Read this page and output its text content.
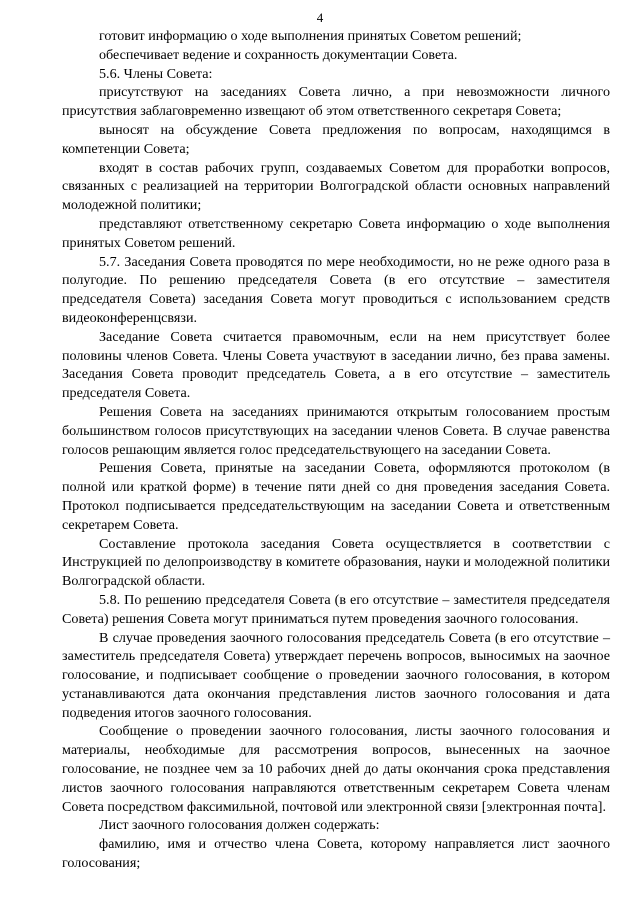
4

готовит информацию о ходе выполнения принятых Советом решений;

обеспечивает ведение и сохранность документации Совета.

5.6. Члены Совета:

присутствуют на заседаниях Совета лично, а при невозможности личного присутствия заблаговременно извещают об этом ответственного секретаря Совета;

выносят на обсуждение Совета предложения по вопросам, находящимся в компетенции Совета;

входят в состав рабочих групп, создаваемых Советом для проработки вопросов, связанных с реализацией на территории Волгоградской области основных направлений молодежной политики;

представляют ответственному секретарю Совета информацию о ходе выполнения принятых Советом решений.

5.7. Заседания Совета проводятся по мере необходимости, но не реже одного раза в полугодие. По решению председателя Совета (в его отсутствие – заместителя председателя Совета) заседания Совета могут проводиться с использованием средств видеоконференцсвязи.

Заседание Совета считается правомочным, если на нем присутствует более половины членов Совета. Члены Совета участвуют в заседании лично, без права замены. Заседания Совета проводит председатель Совета, а в его отсутствие – заместитель председателя Совета.

Решения Совета на заседаниях принимаются открытым голосованием простым большинством голосов присутствующих на заседании членов Совета. В случае равенства голосов решающим является голос председательствующего на заседании Совета.

Решения Совета, принятые на заседании Совета, оформляются протоколом (в полной или краткой форме) в течение пяти дней со дня проведения заседания Совета. Протокол подписывается председательствующим на заседании Совета и ответственным секретарем Совета.

Составление протокола заседания Совета осуществляется в соответствии с Инструкцией по делопроизводству в комитете образования, науки и молодежной политики Волгоградской области.

5.8. По решению председателя Совета (в его отсутствие – заместителя председателя Совета) решения Совета могут приниматься путем проведения заочного голосования.

В случае проведения заочного голосования председатель Совета (в его отсутствие – заместитель председателя Совета) утверждает перечень вопросов, выносимых на заочное голосование, и подписывает сообщение о проведении заочного голосования, в котором устанавливаются дата окончания представления листов заочного голосования и дата подведения итогов заочного голосования.

Сообщение о проведении заочного голосования, листы заочного голосования и материалы, необходимые для рассмотрения вопросов, вынесенных на заочное голосование, не позднее чем за 10 рабочих дней до даты окончания срока представления листов заочного голосования направляются ответственным секретарем Совета членам Совета посредством факсимильной, почтовой или электронной связи [электронная почта].

Лист заочного голосования должен содержать:

фамилию, имя и отчество члена Совета, которому направляется лист заочного голосования;
